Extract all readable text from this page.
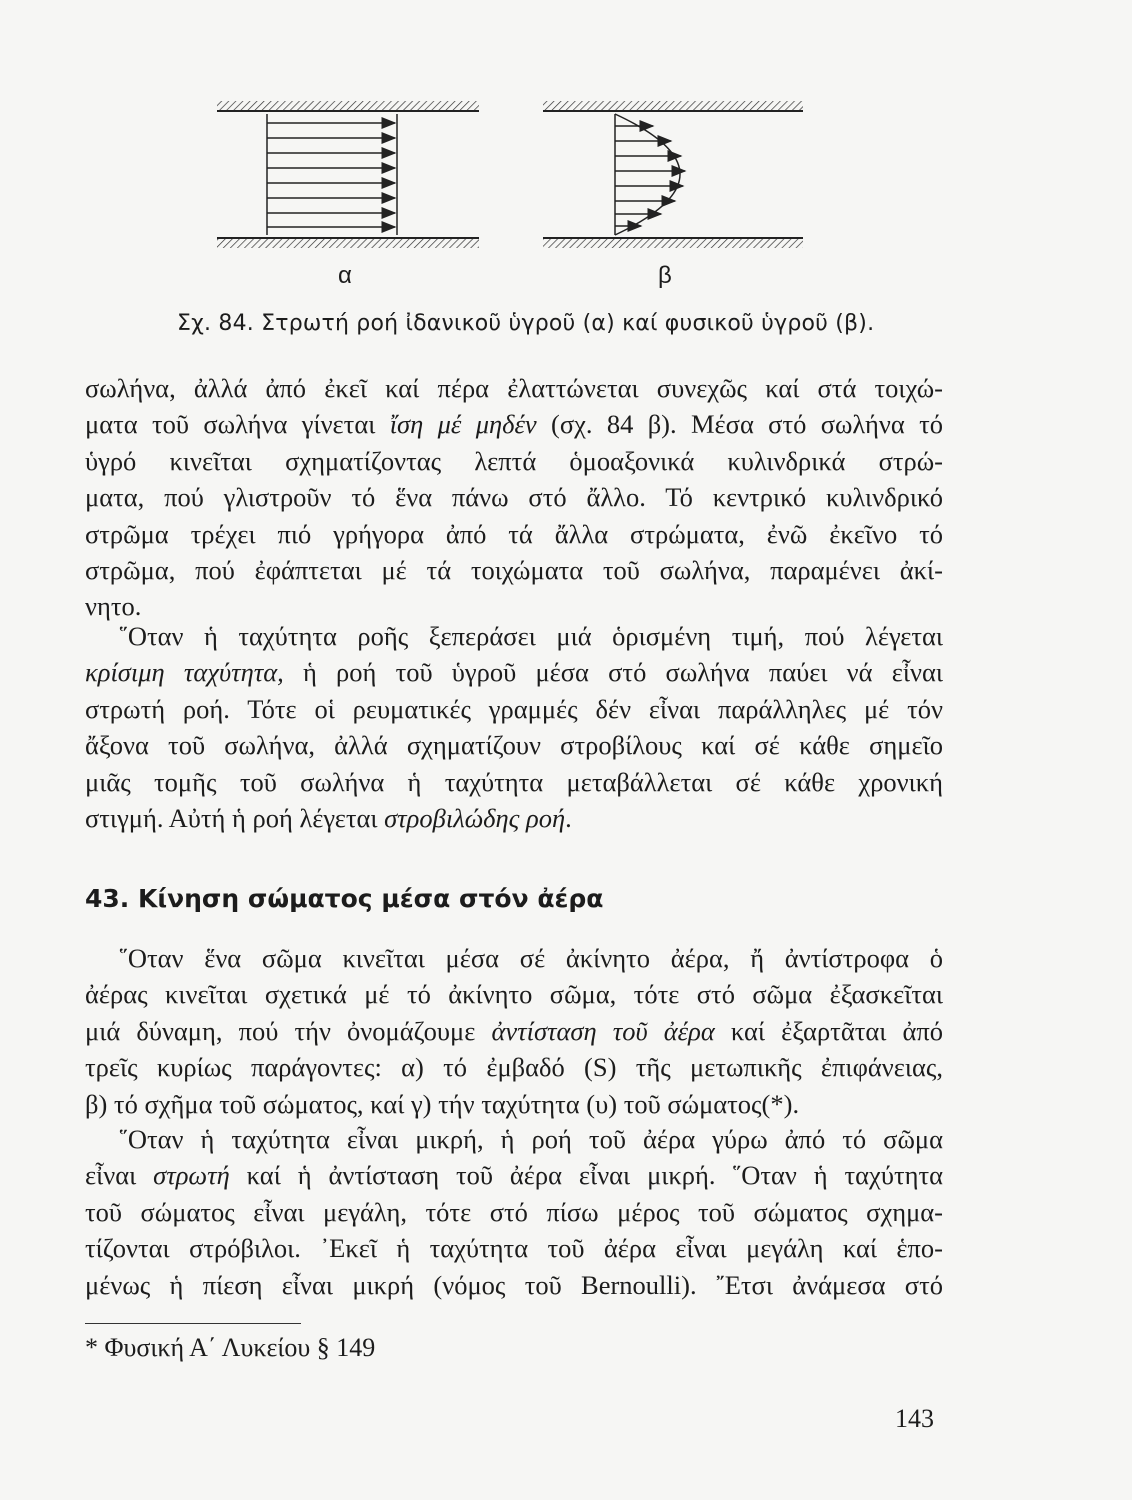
α	β
Σχ. 84. Στρωτή ροή ἰδανικοῦ ὑγροῦ (α) καί φυσικοῦ ὑγροῦ (β).
σωλήνα, ἀλλά ἀπό ἐκεῖ καί πέρα ἐλαττώνεται συνεχῶς καί στά τοιχώ-
ματα τοῦ σωλήνα γίνεται ἴση μέ μηδέν (σχ. 84 β). Μέσα στό σωλήνα τό
ὑγρό κινεῖται σχηματίζοντας λεπτά ὁμοαξονικά κυλινδρικά στρώ-
ματα, πού γλιστροῦν τό ἕνα πάνω στό ἄλλο. Τό κεντρικό κυλινδρικό
στρῶμα τρέχει πιό γρήγορα ἀπό τά ἄλλα στρώματα, ἐνῶ ἐκεῖνο τό
στρῶμα, πού ἐφάπτεται μέ τά τοιχώματα τοῦ σωλήνα, παραμένει ἀκί-
νητο.
῞Οταν ἡ ταχύτητα ροῆς ξεπεράσει μιά ὁρισμένη τιμή, πού λέγεται
κρίσιμη ταχύτητα, ἡ ροή τοῦ ὑγροῦ μέσα στό σωλήνα παύει νά εἶναι
στρωτή ροή. Τότε οἱ ρευματικές γραμμές δέν εἶναι παράλληλες μέ τόν
ἄξονα τοῦ σωλήνα, ἀλλά σχηματίζουν στροβίλους καί σέ κάθε σημεῖο
μιᾶς τομῆς τοῦ σωλήνα ἡ ταχύτητα μεταβάλλεται σέ κάθε χρονική
στιγμή. Αὐτή ἡ ροή λέγεται στροβιλώδης ροή.
43. Κίνηση σώματος μέσα στόν ἀέρα
῞Οταν ἕνα σῶμα κινεῖται μέσα σέ ἀκίνητο ἀέρα, ἤ ἀντίστροφα ὁ
ἀέρας κινεῖται σχετικά μέ τό ἀκίνητο σῶμα, τότε στό σῶμα ἐξασκεῖται
μιά δύναμη, πού τήν ὀνομάζουμε ἀντίσταση τοῦ ἀέρα καί ἐξαρτᾶται ἀπό
τρεῖς κυρίως παράγοντες: α) τό ἐμβαδό (S) τῆς μετωπικῆς ἐπιφάνειας,
β) τό σχῆμα τοῦ σώματος, καί γ) τήν ταχύτητα (υ) τοῦ σώματος(*).
῞Οταν ἡ ταχύτητα εἶναι μικρή, ἡ ροή τοῦ ἀέρα γύρω ἀπό τό σῶμα
εἶναι στρωτή καί ἡ ἀντίσταση τοῦ ἀέρα εἶναι μικρή. ῞Οταν ἡ ταχύτητα
τοῦ σώματος εἶναι μεγάλη, τότε στό πίσω μέρος τοῦ σώματος σχημα-
τίζονται στρόβιλοι. ᾿Εκεῖ ἡ ταχύτητα τοῦ ἀέρα εἶναι μεγάλη καί ἑπο-
μένως ἡ πίεση εἶναι μικρή (νόμος τοῦ Bernoulli). ῎Ετσι ἀνάμεσα στό
* Φυσική Α΄ Λυκείου § 149
143
